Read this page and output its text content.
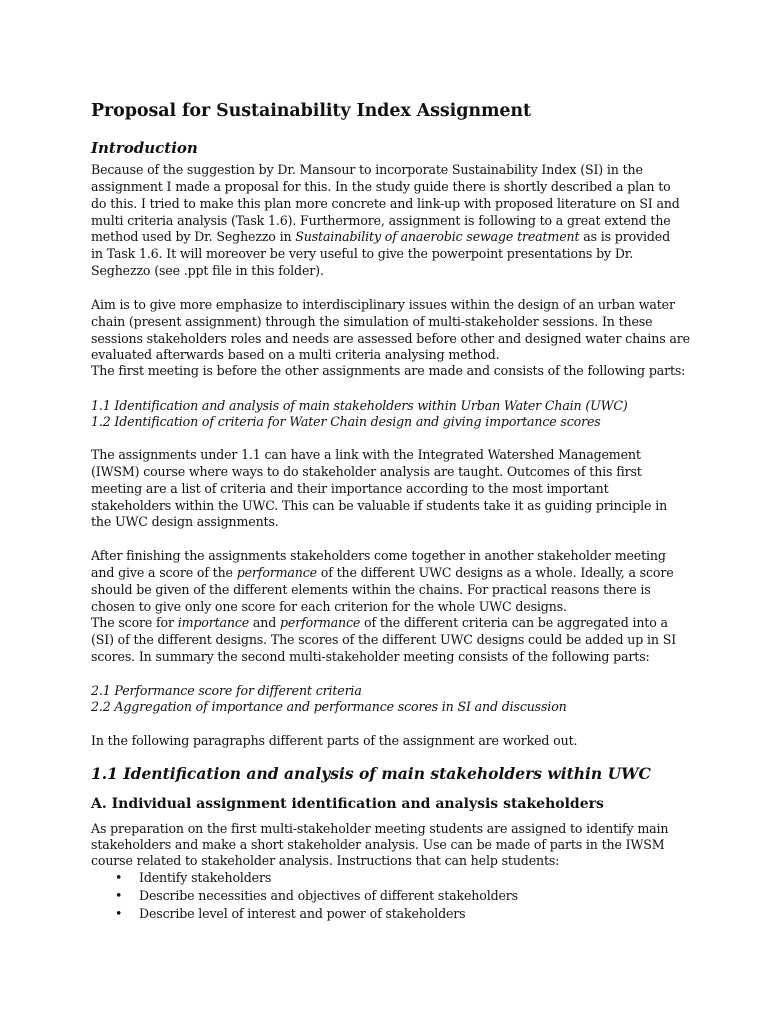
Proposal for Sustainability Index Assignment
Introduction
Because of the suggestion by Dr. Mansour to incorporate Sustainability Index (SI) in the
assignment I made a proposal for this. In the study guide there is shortly described a plan to
do this. I tried to make this plan more concrete and link-up with proposed literature on SI and
multi criteria analysis (Task 1.6). Furthermore, assignment is following to a great extend the
method used by Dr. Seghezzo in Sustainability of anaerobic sewage treatment as is provided
in Task 1.6. It will moreover be very useful to give the powerpoint presentations by Dr.
Seghezzo (see .ppt file in this folder).
Aim is to give more emphasize to interdisciplinary issues within the design of an urban water
chain (present assignment) through the simulation of multi-stakeholder sessions. In these
sessions stakeholders roles and needs are assessed before other and designed water chains are
evaluated afterwards based on a multi criteria analysing method.
The first meeting is before the other assignments are made and consists of the following parts:
1.1 Identification and analysis of main stakeholders within Urban Water Chain (UWC)
1.2 Identification of criteria for Water Chain design and giving importance scores
The assignments under 1.1 can have a link with the Integrated Watershed Management
(IWSM) course where ways to do stakeholder analysis are taught. Outcomes of this first
meeting are a list of criteria and their importance according to the most important
stakeholders within the UWC. This can be valuable if students take it as guiding principle in
the UWC design assignments.
After finishing the assignments stakeholders come together in another stakeholder meeting
and give a score of the performance of the different UWC designs as a whole. Ideally, a score
should be given of the different elements within the chains. For practical reasons there is
chosen to give only one score for each criterion for the whole UWC designs.
The score for importance and performance of the different criteria can be aggregated into a
(SI) of the different designs. The scores of the different UWC designs could be added up in SI
scores. In summary the second multi-stakeholder meeting consists of the following parts:
2.1 Performance score for different criteria
2.2 Aggregation of importance and performance scores in SI and discussion
In the following paragraphs different parts of the assignment are worked out.
1.1 Identification and analysis of main stakeholders within UWC
A. Individual assignment identification and analysis stakeholders
As preparation on the first multi-stakeholder meeting students are assigned to identify main
stakeholders and make a short stakeholder analysis. Use can be made of parts in the IWSM
course related to stakeholder analysis. Instructions that can help students:
• Identify stakeholders
• Describe necessities and objectives of different stakeholders
• Describe level of interest and power of stakeholders
